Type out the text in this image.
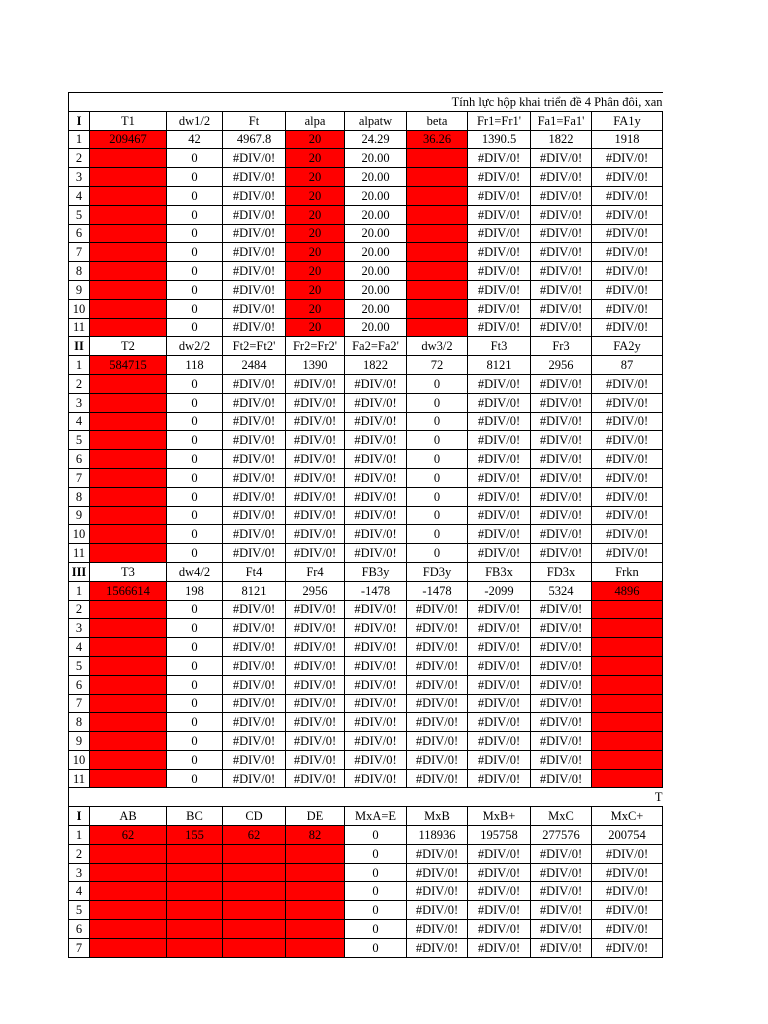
Tính lực hộp khai triển đề 4 Phân đôi, xan									
I	T1	dw1/2	Ft	alpa	alpatw	beta	Fr1=Fr1'	Fa1=Fa1'	FA1y
1	209467	42	4967.8	20	24.29	36.26	1390.5	1822	1918
2		0	#DIV/0!	20	20.00		#DIV/0!	#DIV/0!	#DIV/0!
3		0	#DIV/0!	20	20.00		#DIV/0!	#DIV/0!	#DIV/0!
4		0	#DIV/0!	20	20.00		#DIV/0!	#DIV/0!	#DIV/0!
5		0	#DIV/0!	20	20.00		#DIV/0!	#DIV/0!	#DIV/0!
6		0	#DIV/0!	20	20.00		#DIV/0!	#DIV/0!	#DIV/0!
7		0	#DIV/0!	20	20.00		#DIV/0!	#DIV/0!	#DIV/0!
8		0	#DIV/0!	20	20.00		#DIV/0!	#DIV/0!	#DIV/0!
9		0	#DIV/0!	20	20.00		#DIV/0!	#DIV/0!	#DIV/0!
10		0	#DIV/0!	20	20.00		#DIV/0!	#DIV/0!	#DIV/0!
11		0	#DIV/0!	20	20.00		#DIV/0!	#DIV/0!	#DIV/0!
II	T2	dw2/2	Ft2=Ft2'	Fr2=Fr2'	Fa2=Fa2'	dw3/2	Ft3	Fr3	FA2y
1	584715	118	2484	1390	1822	72	8121	2956	87
2		0	#DIV/0!	#DIV/0!	#DIV/0!	0	#DIV/0!	#DIV/0!	#DIV/0!
3		0	#DIV/0!	#DIV/0!	#DIV/0!	0	#DIV/0!	#DIV/0!	#DIV/0!
4		0	#DIV/0!	#DIV/0!	#DIV/0!	0	#DIV/0!	#DIV/0!	#DIV/0!
5		0	#DIV/0!	#DIV/0!	#DIV/0!	0	#DIV/0!	#DIV/0!	#DIV/0!
6		0	#DIV/0!	#DIV/0!	#DIV/0!	0	#DIV/0!	#DIV/0!	#DIV/0!
7		0	#DIV/0!	#DIV/0!	#DIV/0!	0	#DIV/0!	#DIV/0!	#DIV/0!
8		0	#DIV/0!	#DIV/0!	#DIV/0!	0	#DIV/0!	#DIV/0!	#DIV/0!
9		0	#DIV/0!	#DIV/0!	#DIV/0!	0	#DIV/0!	#DIV/0!	#DIV/0!
10		0	#DIV/0!	#DIV/0!	#DIV/0!	0	#DIV/0!	#DIV/0!	#DIV/0!
11		0	#DIV/0!	#DIV/0!	#DIV/0!	0	#DIV/0!	#DIV/0!	#DIV/0!
III	T3	dw4/2	Ft4	Fr4	FB3y	FD3y	FB3x	FD3x	Frkn
1	1566614	198	8121	2956	-1478	-1478	-2099	5324	4896
2		0	#DIV/0!	#DIV/0!	#DIV/0!	#DIV/0!	#DIV/0!	#DIV/0!	
3		0	#DIV/0!	#DIV/0!	#DIV/0!	#DIV/0!	#DIV/0!	#DIV/0!	
4		0	#DIV/0!	#DIV/0!	#DIV/0!	#DIV/0!	#DIV/0!	#DIV/0!	
5		0	#DIV/0!	#DIV/0!	#DIV/0!	#DIV/0!	#DIV/0!	#DIV/0!	
6		0	#DIV/0!	#DIV/0!	#DIV/0!	#DIV/0!	#DIV/0!	#DIV/0!	
7		0	#DIV/0!	#DIV/0!	#DIV/0!	#DIV/0!	#DIV/0!	#DIV/0!	
8		0	#DIV/0!	#DIV/0!	#DIV/0!	#DIV/0!	#DIV/0!	#DIV/0!	
9		0	#DIV/0!	#DIV/0!	#DIV/0!	#DIV/0!	#DIV/0!	#DIV/0!	
10		0	#DIV/0!	#DIV/0!	#DIV/0!	#DIV/0!	#DIV/0!	#DIV/0!	
11		0	#DIV/0!	#DIV/0!	#DIV/0!	#DIV/0!	#DIV/0!	#DIV/0!	
T									
I	AB	BC	CD	DE	MxA=E	MxB	MxB+	MxC	MxC+
1	62	155	62	82	0	118936	195758	277576	200754
2					0	#DIV/0!	#DIV/0!	#DIV/0!	#DIV/0!
3					0	#DIV/0!	#DIV/0!	#DIV/0!	#DIV/0!
4					0	#DIV/0!	#DIV/0!	#DIV/0!	#DIV/0!
5					0	#DIV/0!	#DIV/0!	#DIV/0!	#DIV/0!
6					0	#DIV/0!	#DIV/0!	#DIV/0!	#DIV/0!
7					0	#DIV/0!	#DIV/0!	#DIV/0!	#DIV/0!
